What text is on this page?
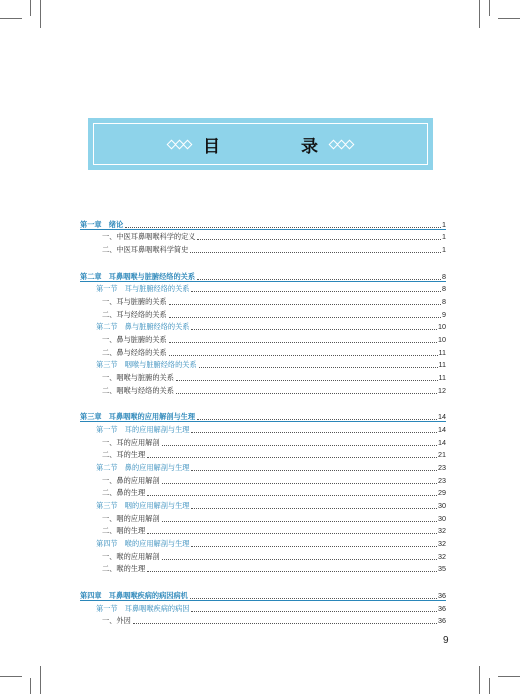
目　录
第一章　绪论	1
一、中医耳鼻咽喉科学的定义	1
二、中医耳鼻咽喉科学简史	1
第二章　耳鼻咽喉与脏腑经络的关系	8
第一节　耳与脏腑经络的关系	8
一、耳与脏腑的关系	8
二、耳与经络的关系	9
第二节　鼻与脏腑经络的关系	10
一、鼻与脏腑的关系	10
二、鼻与经络的关系	11
第三节　咽喉与脏腑经络的关系	11
一、咽喉与脏腑的关系	11
二、咽喉与经络的关系	12
第三章　耳鼻咽喉的应用解剖与生理	14
第一节　耳的应用解剖与生理	14
一、耳的应用解剖	14
二、耳的生理	21
第二节　鼻的应用解剖与生理	23
一、鼻的应用解剖	23
二、鼻的生理	29
第三节　咽的应用解剖与生理	30
一、咽的应用解剖	30
二、咽的生理	32
第四节　喉的应用解剖与生理	32
一、喉的应用解剖	32
二、喉的生理	35
第四章　耳鼻咽喉疾病的病因病机	36
第一节　耳鼻咽喉疾病的病因	36
一、外因	36
9
